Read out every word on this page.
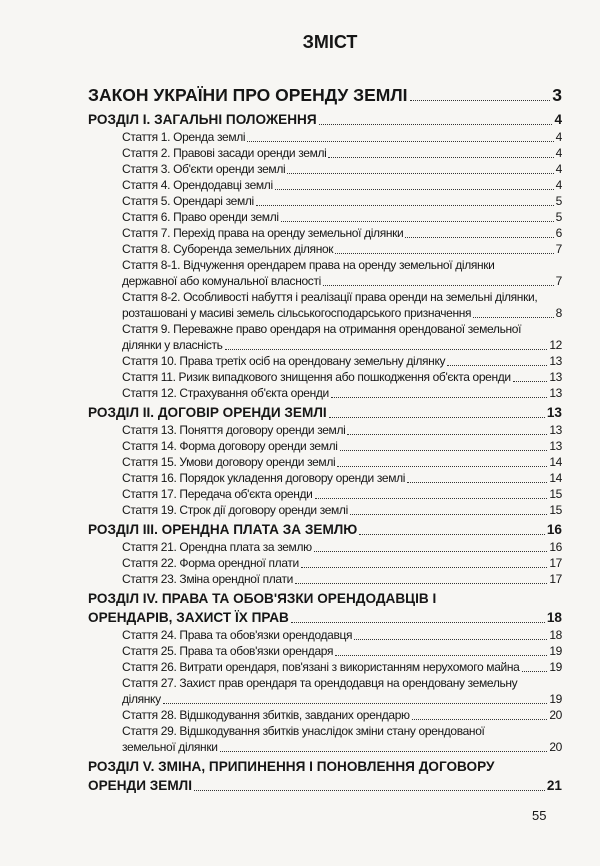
ЗМІСТ
ЗАКОН УКРАЇНИ ПРО ОРЕНДУ ЗЕМЛІ	3
РОЗДІЛ I. ЗАГАЛЬНІ ПОЛОЖЕННЯ	4
Стаття 1. Оренда землі	4
Стаття 2. Правові засади оренди землі	4
Стаття 3. Об'єкти оренди землі	4
Стаття 4. Орендодавці землі	4
Стаття 5. Орендарі землі	5
Стаття 6. Право оренди землі	5
Стаття 7. Перехід права на оренду земельної ділянки	6
Стаття 8. Суборенда земельних ділянок	7
Стаття 8-1. Відчуження орендарем права на оренду земельної ділянки
державної або комунальної власності	7
Стаття 8-2. Особливості набуття і реалізації права оренди на земельні ділянки,
розташовані у масиві земель сільськогосподарського призначення	8
Стаття 9. Переважне право орендаря на отримання орендованої земельної
ділянки у власність	12
Стаття 10. Права третіх осіб на орендовану земельну ділянку	13
Стаття 11. Ризик випадкового знищення або пошкодження об'єкта оренди	13
Стаття 12. Страхування об'єкта оренди	13
РОЗДІЛ II. ДОГОВІР ОРЕНДИ ЗЕМЛІ	13
Стаття 13. Поняття договору оренди землі	13
Стаття 14. Форма договору оренди землі	13
Стаття 15. Умови договору оренди землі	14
Стаття 16. Порядок укладення договору оренди землі	14
Стаття 17. Передача об'єкта оренди	15
Стаття 19. Строк дії договору оренди землі	15
РОЗДІЛ III. ОРЕНДНА ПЛАТА ЗА ЗЕМЛЮ	16
Стаття 21. Орендна плата за землю	16
Стаття 22. Форма орендної плати	17
Стаття 23. Зміна орендної плати	17
РОЗДІЛ IV. ПРАВА ТА ОБОВ'ЯЗКИ ОРЕНДОДАВЦІВ І
ОРЕНДАРІВ, ЗАХИСТ ЇХ ПРАВ	18
Стаття 24. Права та обов'язки орендодавця	18
Стаття 25. Права та обов'язки орендаря	19
Стаття 26. Витрати орендаря, пов'язані з використанням нерухомого майна 19
Стаття 27. Захист прав орендаря та орендодавця на орендовану земельну
ділянку	19
Стаття 28. Відшкодування збитків, завданих орендарю	20
Стаття 29. Відшкодування збитків унаслідок зміни стану орендованої
земельної ділянки	20
РОЗДІЛ V. ЗМІНА, ПРИПИНЕННЯ І ПОНОВЛЕННЯ ДОГОВОРУ
ОРЕНДИ ЗЕМЛІ	21
55
